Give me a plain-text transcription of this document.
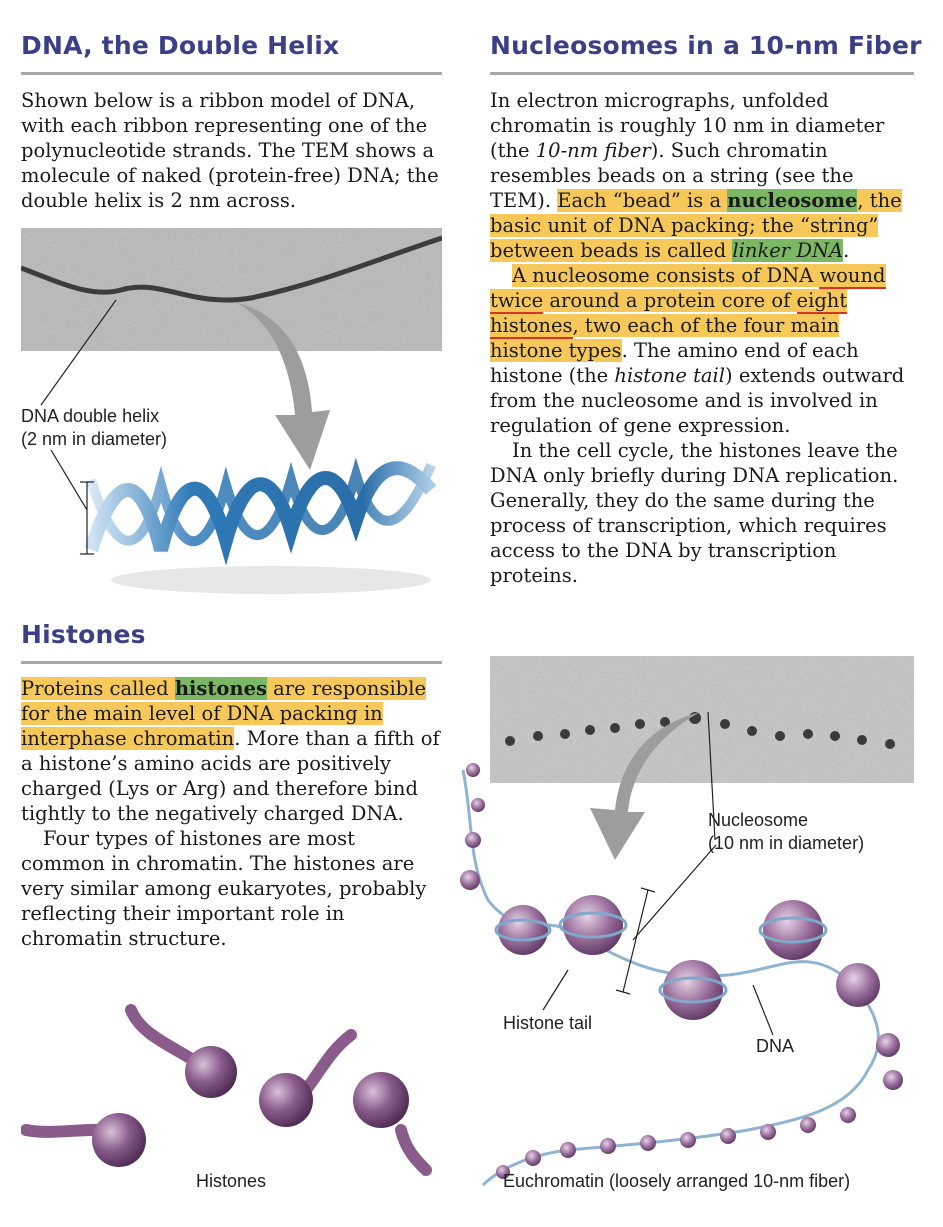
DNA, the Double Helix

Shown below is a ribbon model of DNA, with each ribbon representing one of the polynucleotide strands. The TEM shows a molecule of naked (protein-free) DNA; the double helix is 2 nm across.

DNA double helix
(2 nm in diameter)
Histones

Proteins called histones are responsible for the main level of DNA packing in interphase chromatin. More than a fifth of a histone’s amino acids are positively charged (Lys or Arg) and therefore bind tightly to the negatively charged DNA.

Four types of histones are most common in chromatin. The histones are very similar among eukaryotes, probably reflecting their important role in chromatin structure.

Histones
Nucleosomes in a 10-nm Fiber

In electron micrographs, unfolded chromatin is roughly 10 nm in diameter (the 10-nm fiber). Such chromatin resembles beads on a string (see the TEM). Each “bead” is a nucleosome, the basic unit of DNA packing; the “string” between beads is called linker DNA.

A nucleosome consists of DNA wound twice around a protein core of eight histones, two each of the four main histone types. The amino end of each histone (the histone tail) extends outward from the nucleosome and is involved in regulation of gene expression.

In the cell cycle, the histones leave the DNA only briefly during DNA replication. Generally, they do the same during the process of transcription, which requires access to the DNA by transcription proteins.

Nucleosome
(10 nm in diameter)
Histone tail
DNA
Euchromatin (loosely arranged 10-nm fiber)
